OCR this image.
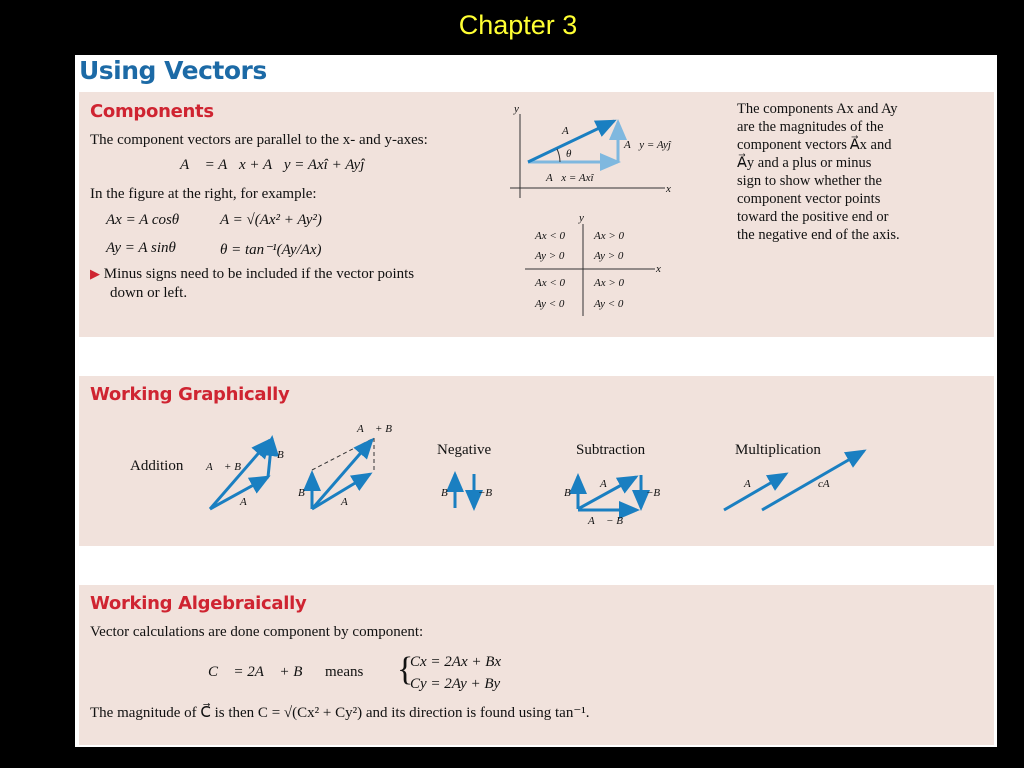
Chapter 3
Using Vectors
Components
The component vectors are parallel to the x- and y-axes:
A⃗ = A⃗x + A⃗y = Axî + Ayĵ
In the figure at the right, for example:
Ax = A cosθ	A = √(Ax² + Ay²)
Ay = A sinθ	θ = tan⁻¹(Ay/Ax)
▶ Minus signs need to be included if the vector points
down or left.
The components Ax and Ay
are the magnitudes of the
component vectors A⃗x and
A⃗y and a plus or minus
sign to show whether the
component vector points
toward the positive end or
the negative end of the axis.
y
x
A⃗
θ
A⃗y = Ayĵ
A⃗x = Axî
y
x
Ax < 0
Ay > 0
Ax > 0
Ay > 0
Ax < 0
Ay < 0
Ax > 0
Ay < 0
Working Graphically
Addition
Negative	Subtraction	Multiplication
A⃗ + B⃗
B⃗
A⃗
A⃗ + B⃗
B⃗
A⃗
B⃗ −B⃗	B⃗
A⃗
−B⃗
A⃗ − B⃗
A⃗	cA⃗
Working Algebraically
Vector calculations are done component by component:
C⃗ = 2A⃗ + B⃗ means {
Cx = 2Ax + Bx
Cy = 2Ay + By
The magnitude of C⃗ is then C = √(Cx² + Cy²) and its direction is found using tan⁻¹.
Copyright © 2008 Pearson Education, Inc., publishing as Pearson Addison-Wesley.
